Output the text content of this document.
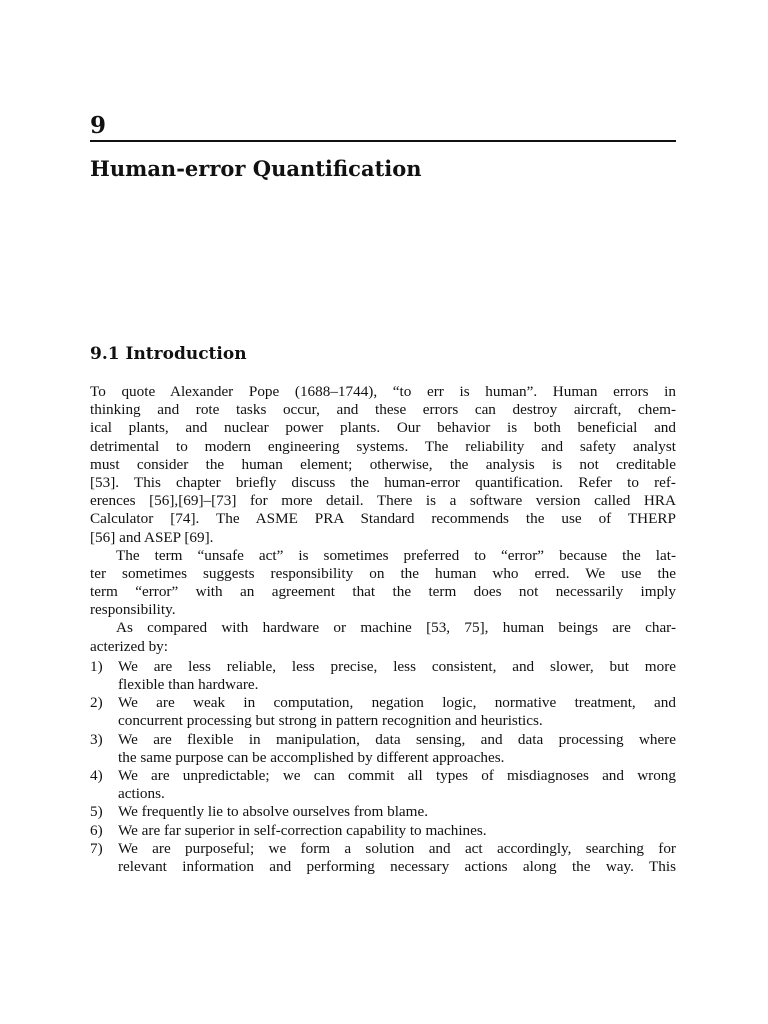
9
Human-error Quantification
9.1 Introduction
To quote Alexander Pope (1688–1744), “to err is human”. Human errors in
thinking and rote tasks occur, and these errors can destroy aircraft, chem-
ical plants, and nuclear power plants. Our behavior is both beneficial and
detrimental to modern engineering systems. The reliability and safety analyst
must consider the human element; otherwise, the analysis is not creditable
[53]. This chapter briefly discuss the human-error quantification. Refer to ref-
erences [56],[69]–[73] for more detail. There is a software version called HRA
Calculator [74]. The ASME PRA Standard recommends the use of THERP
[56] and ASEP [69].
The term “unsafe act” is sometimes preferred to “error” because the lat-
ter sometimes suggests responsibility on the human who erred. We use the
term “error” with an agreement that the term does not necessarily imply
responsibility.
As compared with hardware or machine [53, 75], human beings are char-
acterized by:
1)	We are less reliable, less precise, less consistent, and slower, but more
flexible than hardware.
2)	We are weak in computation, negation logic, normative treatment, and
concurrent processing but strong in pattern recognition and heuristics.
3)	We are flexible in manipulation, data sensing, and data processing where
the same purpose can be accomplished by different approaches.
4)	We are unpredictable; we can commit all types of misdiagnoses and wrong
actions.
5)	We frequently lie to absolve ourselves from blame.
6)	We are far superior in self-correction capability to machines.
7)	We are purposeful; we form a solution and act accordingly, searching for
relevant information and performing necessary actions along the way. This
